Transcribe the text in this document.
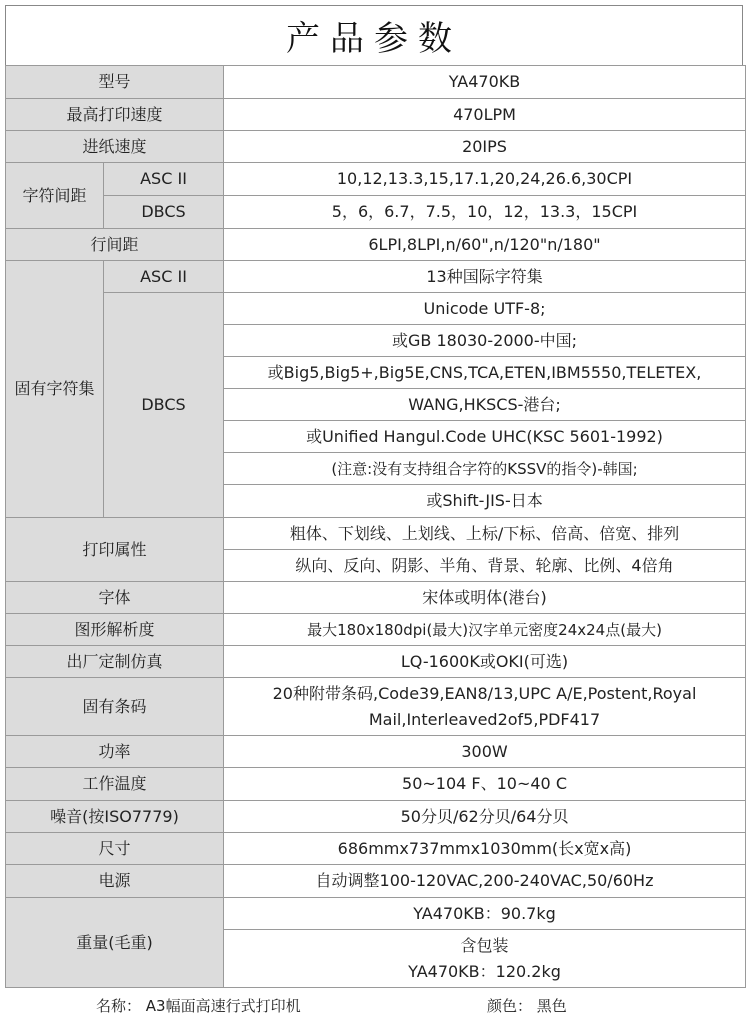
产品参数
型号		YA470KB
最高打印速度		470LPM
进纸速度		20IPS
字符间距	ASC II	10,12,13.3,15,17.1,20,24,26.6,30CPI
	DBCS	5，6，6.7，7.5，10，12，13.3，15CPI
行间距		6LPI,8LPI,n/60",n/120"n/180"
固有字符集	ASC II	13种国际字符集
	DBCS	Unicode UTF-8;
		或GB 18030-2000-中国;
		或Big5,Big5+,Big5E,CNS,TCA,ETEN,IBM5550,TELETEX,
		WANG,HKSCS-港台;
		或Unified Hangul.Code UHC(KSC 5601-1992)
		(注意:没有支持组合字符的KSSV的指令)-韩国;
		或Shift-JIS-日本
打印属性		粗体、下划线、上划线、上标/下标、倍高、倍宽、排列
		纵向、反向、阴影、半角、背景、轮廓、比例、4倍角
字体		宋体或明体(港台)
图形解析度		最大180x180dpi(最大)汉字单元密度24x24点(最大)
出厂定制仿真		LQ-1600K或OKI(可选)
固有条码		20种附带条码,Code39,EAN8/13,UPC A/E,Postent,Royal
Mail,Interleaved2of5,PDF417

功率		300W
工作温度		50~104 F、10~40 C
噪音(按ISO7779)		50分贝/62分贝/64分贝
尺寸		686mmx737mmx1030mm(长x宽x高)
电源		自动调整100-120VAC,200-240VAC,50/60Hz
重量(毛重)		YA470KB：90.7kg

		含包装
YA470KB：120.2kg
名称： A3幅面高速行式打印机	颜色： 黑色
